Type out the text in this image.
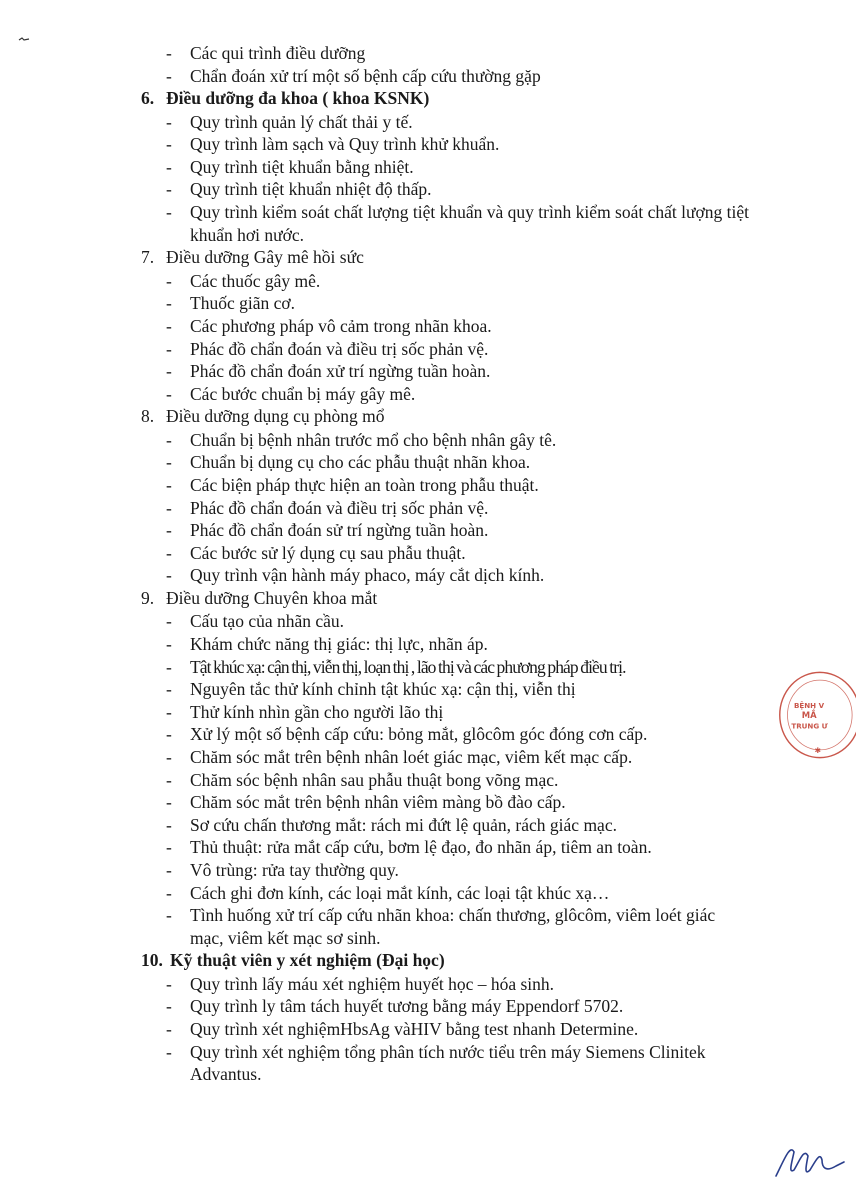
- Các qui trình điều dưỡng
- Chẩn đoán xử trí một số bệnh cấp cứu thường gặp
6. Điều dưỡng đa khoa ( khoa KSNK)
- Quy trình quản lý chất thải y tế.
- Quy trình làm sạch và Quy trình khử khuẩn.
- Quy trình tiệt khuẩn bằng nhiệt.
- Quy trình tiệt khuẩn nhiệt độ thấp.
- Quy trình kiểm soát chất lượng tiệt khuẩn và quy trình kiểm soát chất lượng tiệt khuẩn hơi nước.
7. Điều dưỡng Gây mê hồi sức
- Các thuốc gây mê.
- Thuốc giãn cơ.
- Các phương pháp vô cảm trong nhãn khoa.
- Phác đồ chẩn đoán và điều trị sốc phản vệ.
- Phác đồ chẩn đoán xử trí ngừng tuần hoàn.
- Các bước chuẩn bị máy gây mê.
8. Điều dưỡng dụng cụ phòng mổ
- Chuẩn bị bệnh nhân trước mổ cho bệnh nhân gây tê.
- Chuẩn bị dụng cụ cho các phẫu thuật nhãn khoa.
- Các biện pháp thực hiện an toàn trong phẫu thuật.
- Phác đồ chẩn đoán và điều trị sốc phản vệ.
- Phác đồ chẩn đoán sử trí ngừng tuần hoàn.
- Các bước sử lý dụng cụ sau phẫu thuật.
- Quy trình vận hành máy phaco, máy cắt dịch kính.
9. Điều dưỡng Chuyên khoa mắt
- Cấu tạo của nhãn cầu.
- Khám chức năng thị giác: thị lực, nhãn áp.
- Tật khúc xạ: cận thị, viễn thị, loạn thị , lão thị và các phương pháp điều trị.
- Nguyên tắc thử kính chỉnh tật khúc xạ: cận thị, viễn thị
- Thử kính nhìn gần cho người lão thị
- Xử lý một số bệnh cấp cứu: bỏng mắt, glôcôm góc đóng cơn cấp.
- Chăm sóc mắt trên bệnh nhân loét giác mạc, viêm kết mạc cấp.
- Chăm sóc bệnh nhân sau phẫu thuật bong võng mạc.
- Chăm sóc mắt trên bệnh nhân viêm màng bồ đào cấp.
- Sơ cứu chấn thương mắt: rách mi đứt lệ quản, rách giác mạc.
- Thủ thuật: rửa mắt cấp cứu, bơm lệ đạo, đo nhãn áp, tiêm an toàn.
- Vô trùng: rửa tay thường quy.
- Cách ghi đơn kính, các loại mắt kính, các loại tật khúc xạ…
- Tình huống xử trí cấp cứu nhãn khoa: chấn thương, glôcôm, viêm loét giác mạc, viêm kết mạc sơ sinh.
10. Kỹ thuật viên y xét nghiệm (Đại học)
- Quy trình lấy máu xét nghiệm huyết học – hóa sinh.
- Quy trình ly tâm tách huyết tương bằng máy Eppendorf 5702.
- Quy trình xét nghiệmHbsAg vàHIV bằng test nhanh Determine.
- Quy trình xét nghiệm tổng phân tích nước tiểu trên máy Siemens Clinitek Advantus.
BỆNH V
MẮ
TRUNG Ư
✱
